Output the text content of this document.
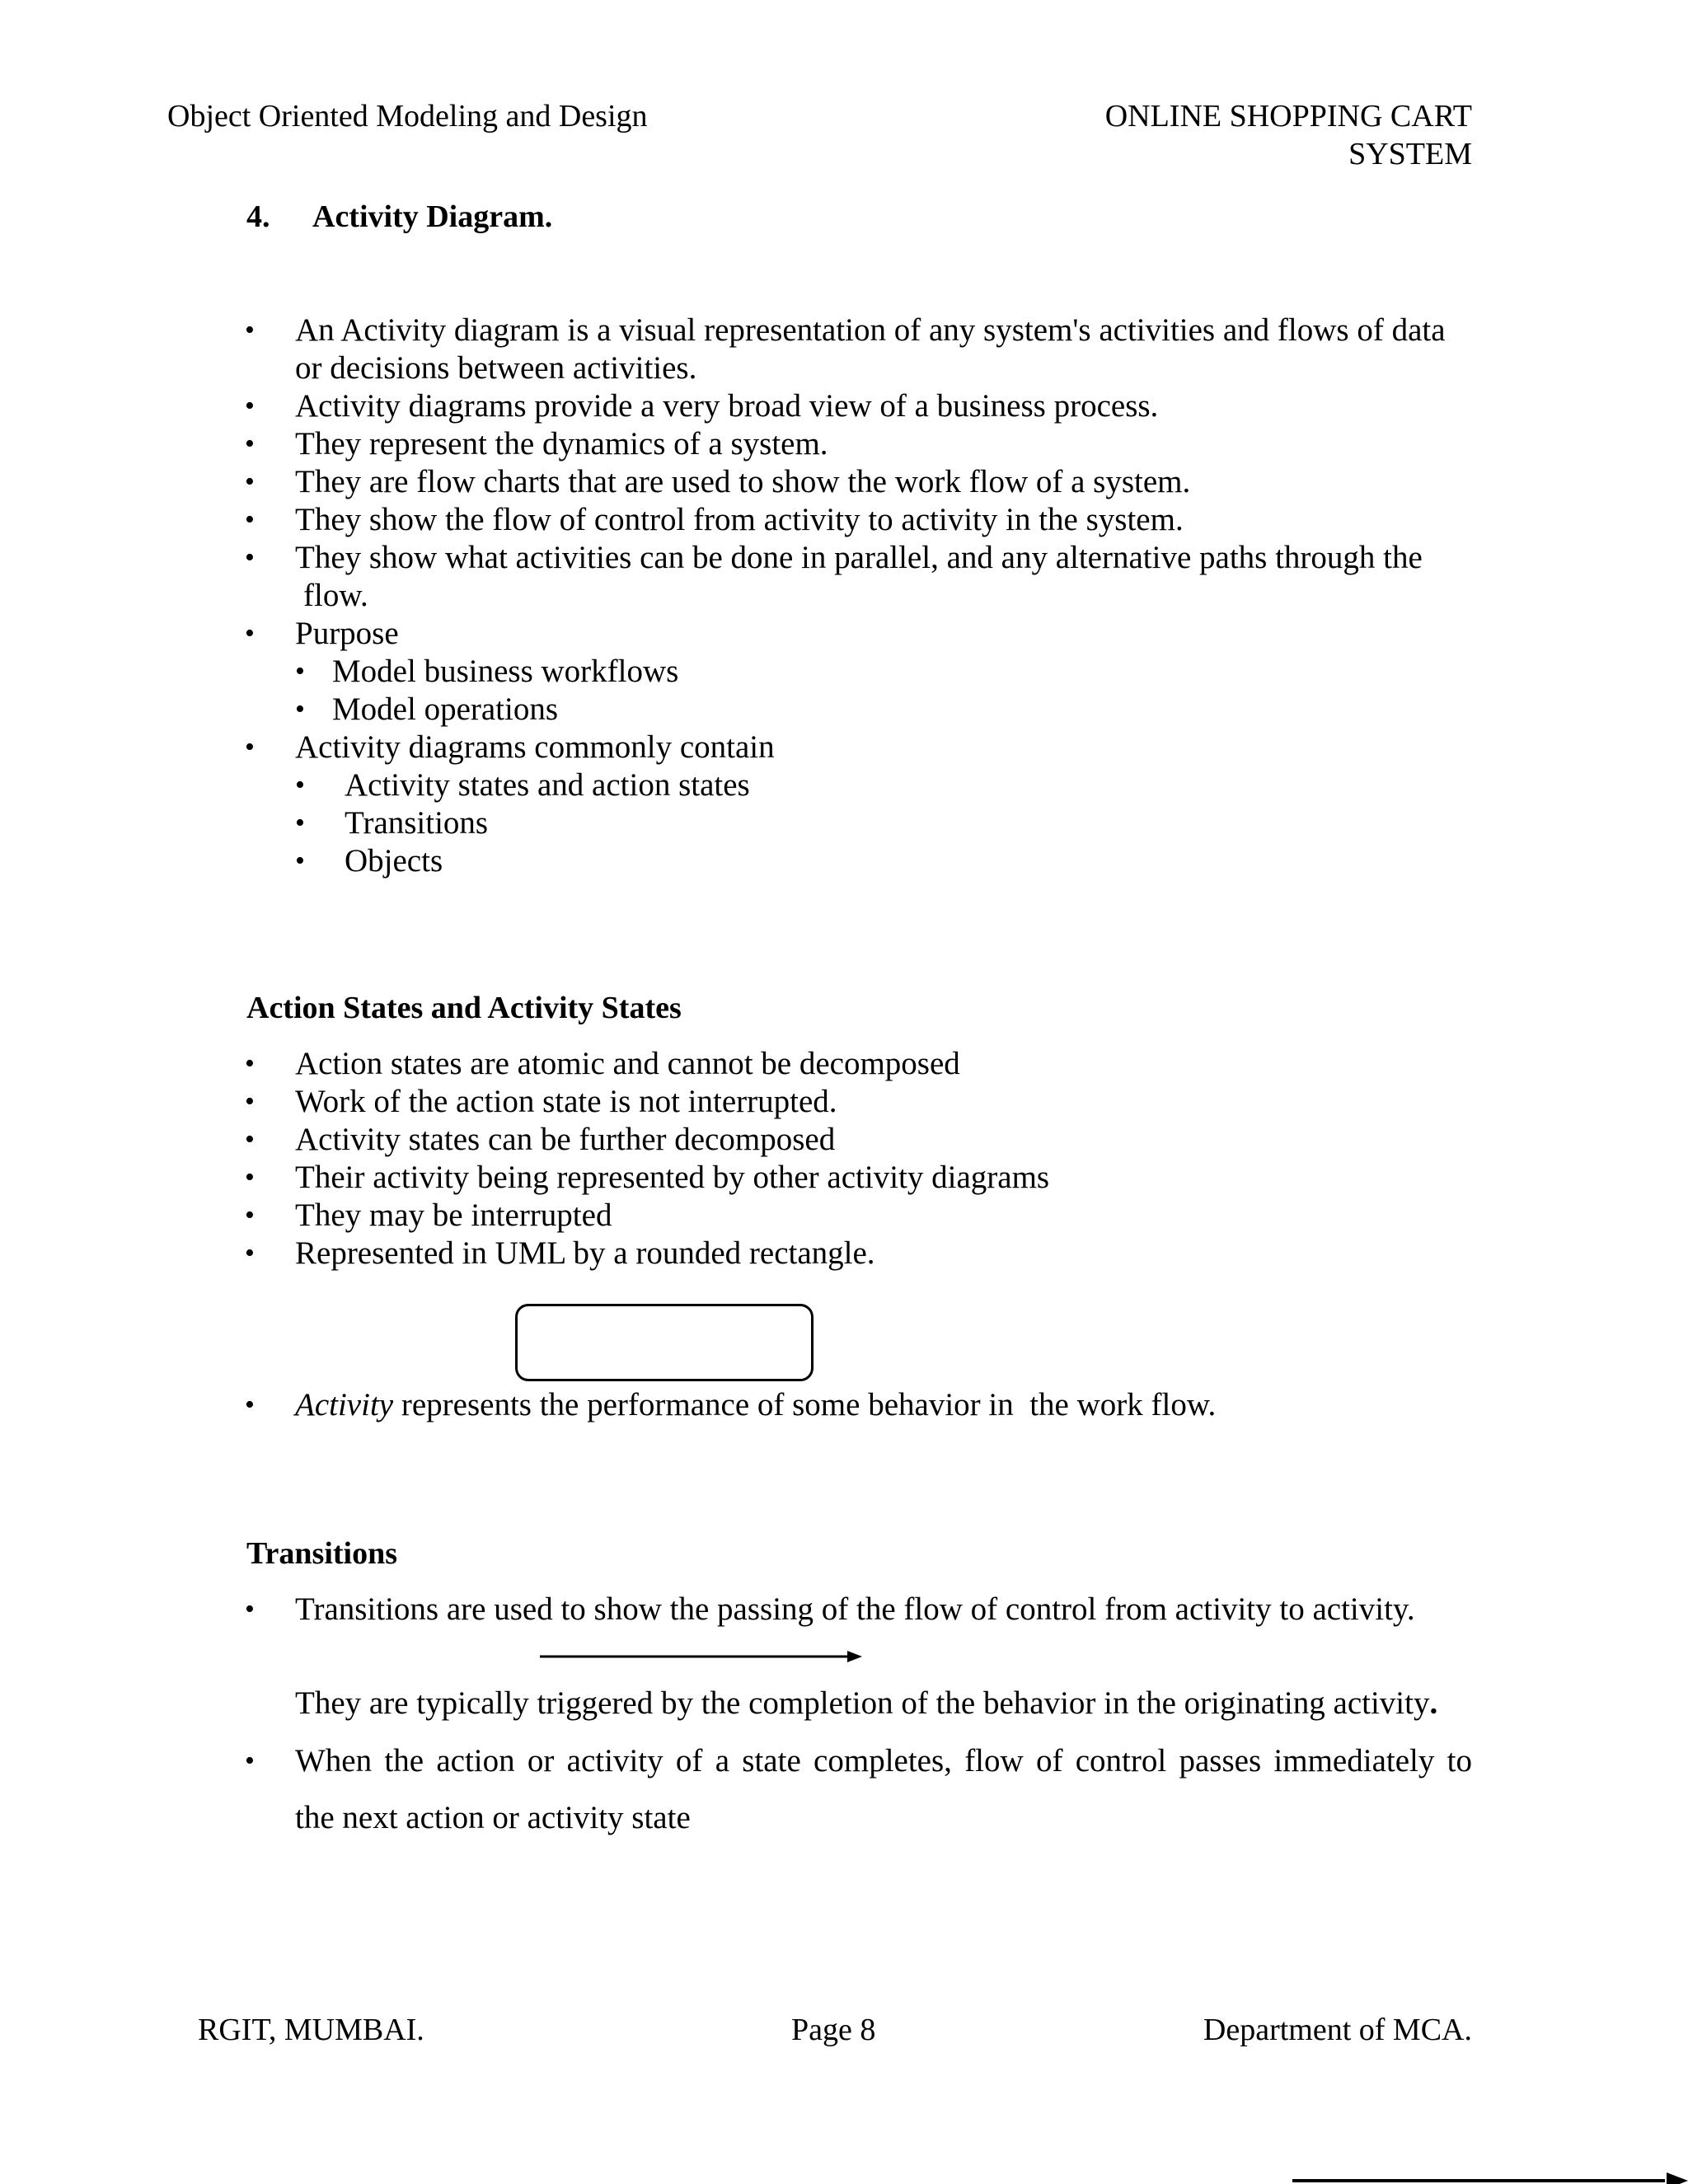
Object Oriented Modeling and Design	ONLINE SHOPPING CART
SYSTEM
4. Activity Diagram.
• An Activity diagram is a visual representation of any system's activities and flows of data
or decisions between activities.
• Activity diagrams provide a very broad view of a business process.
• They represent the dynamics of a system.
• They are flow charts that are used to show the work flow of a system.
• They show the flow of control from activity to activity in the system.
• They show what activities can be done in parallel, and any alternative paths through the
flow.
• Purpose
• Model business workflows
• Model operations
• Activity diagrams commonly contain
• Activity states and action states
• Transitions
• Objects
Action States and Activity States
• Action states are atomic and cannot be decomposed
• Work of the action state is not interrupted.
• Activity states can be further decomposed
• Their activity being represented by other activity diagrams
• They may be interrupted
• Represented in UML by a rounded rectangle.
• Activity represents the performance of some behavior in  the work flow.
Transitions
• Transitions are used to show the passing of the flow of control from activity to activity.
They are typically triggered by the completion of the behavior in the originating activity.
• When the action or activity of a state completes, flow of control passes immediately to
the next action or activity state
RGIT, MUMBAI.	Page 8	Department of MCA.
